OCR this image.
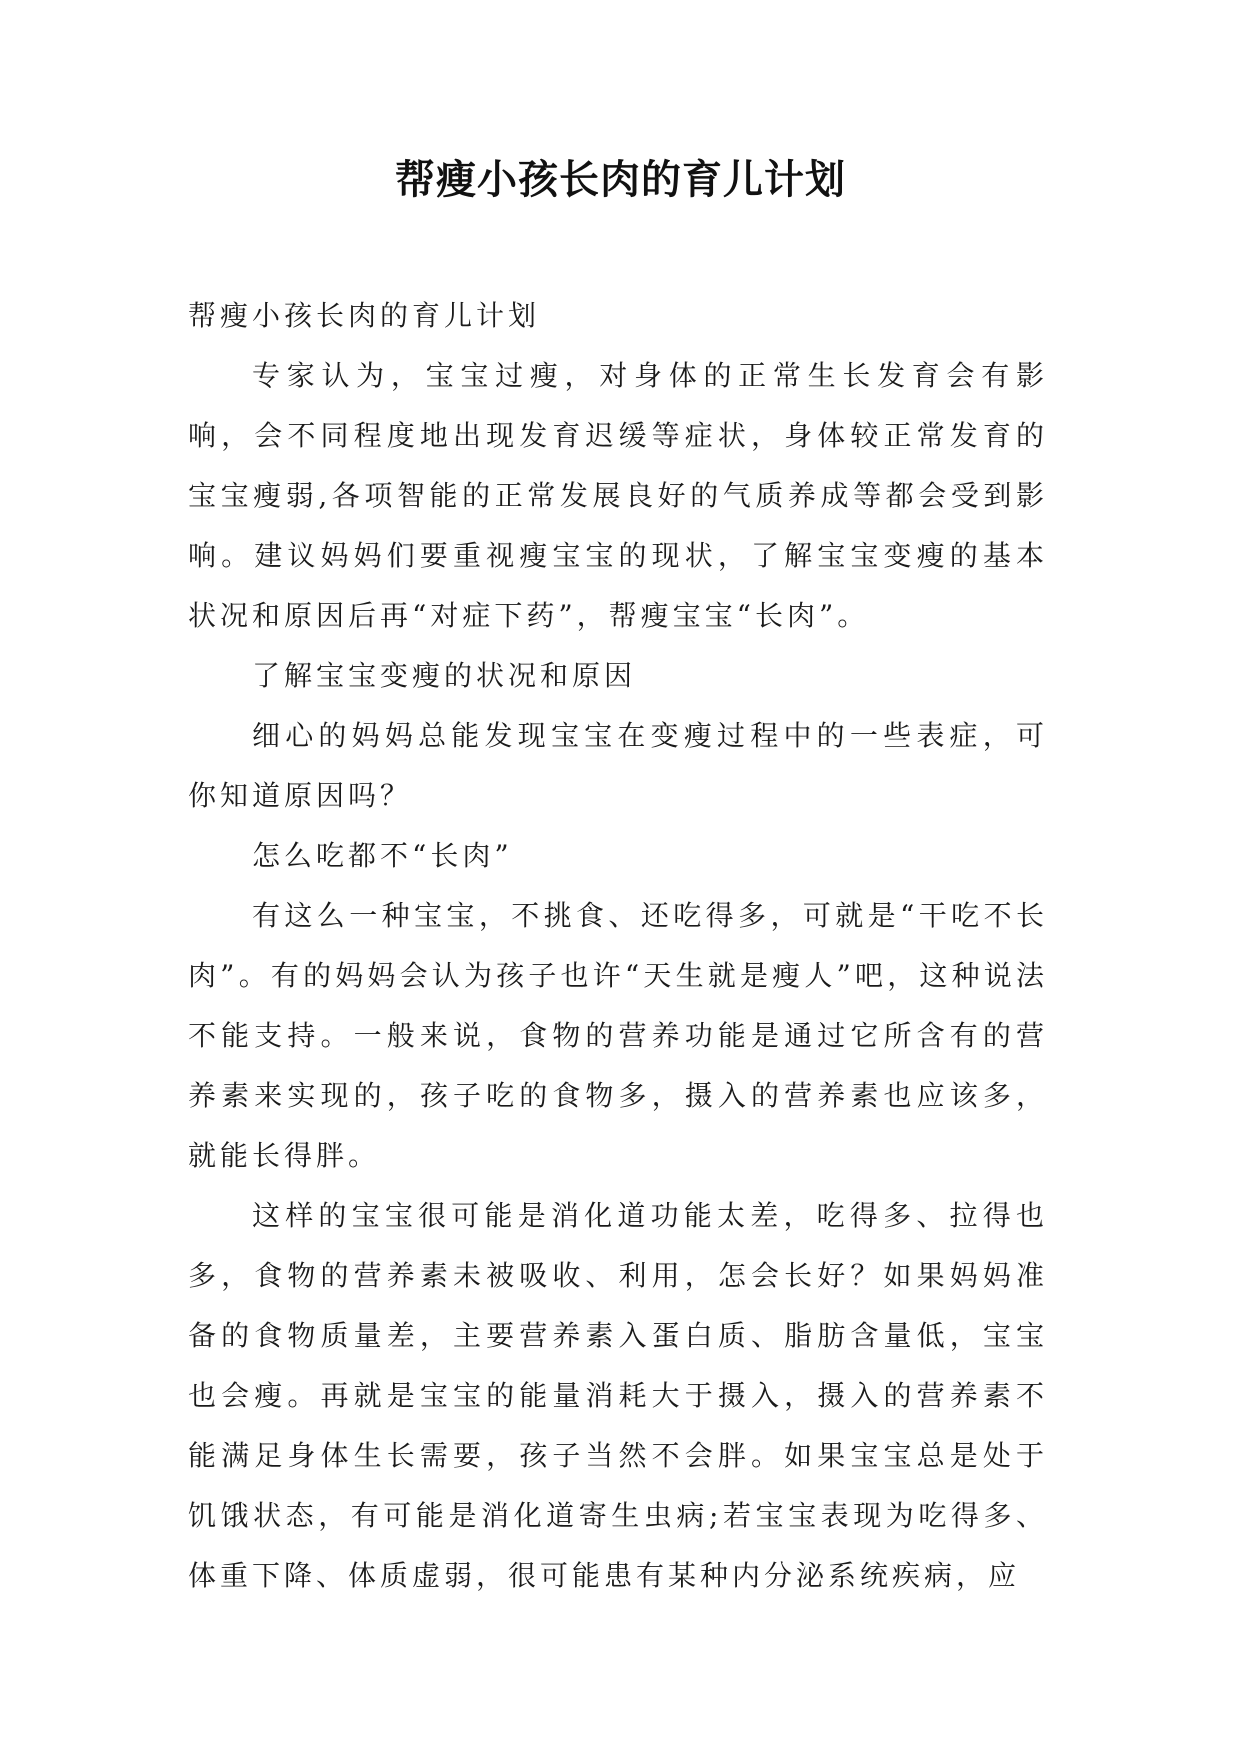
帮瘦小孩长肉的育儿计划

帮瘦小孩长肉的育儿计划

专家认为，宝宝过瘦，对身体的正常生长发育会有影响，会不同程度地出现发育迟缓等症状，身体较正常发育的宝宝瘦弱,各项智能的正常发展良好的气质养成等都会受到影响。建议妈妈们要重视瘦宝宝的现状，了解宝宝变瘦的基本状况和原因后再“对症下药”，帮瘦宝宝“长肉”。

了解宝宝变瘦的状况和原因

细心的妈妈总能发现宝宝在变瘦过程中的一些表症，可你知道原因吗？

怎么吃都不“长肉”

有这么一种宝宝，不挑食、还吃得多，可就是“干吃不长肉”。有的妈妈会认为孩子也许“天生就是瘦人”吧，这种说法不能支持。一般来说，食物的营养功能是通过它所含有的营养素来实现的，孩子吃的食物多，摄入的营养素也应该多，就能长得胖。

这样的宝宝很可能是消化道功能太差，吃得多、拉得也多，食物的营养素未被吸收、利用，怎会长好？如果妈妈准备的食物质量差，主要营养素入蛋白质、脂肪含量低，宝宝也会瘦。再就是宝宝的能量消耗大于摄入，摄入的营养素不能满足身体生长需要，孩子当然不会胖。如果宝宝总是处于饥饿状态，有可能是消化道寄生虫病;若宝宝表现为吃得多、体重下降、体质虚弱，很可能患有某种内分泌系统疾病，应
